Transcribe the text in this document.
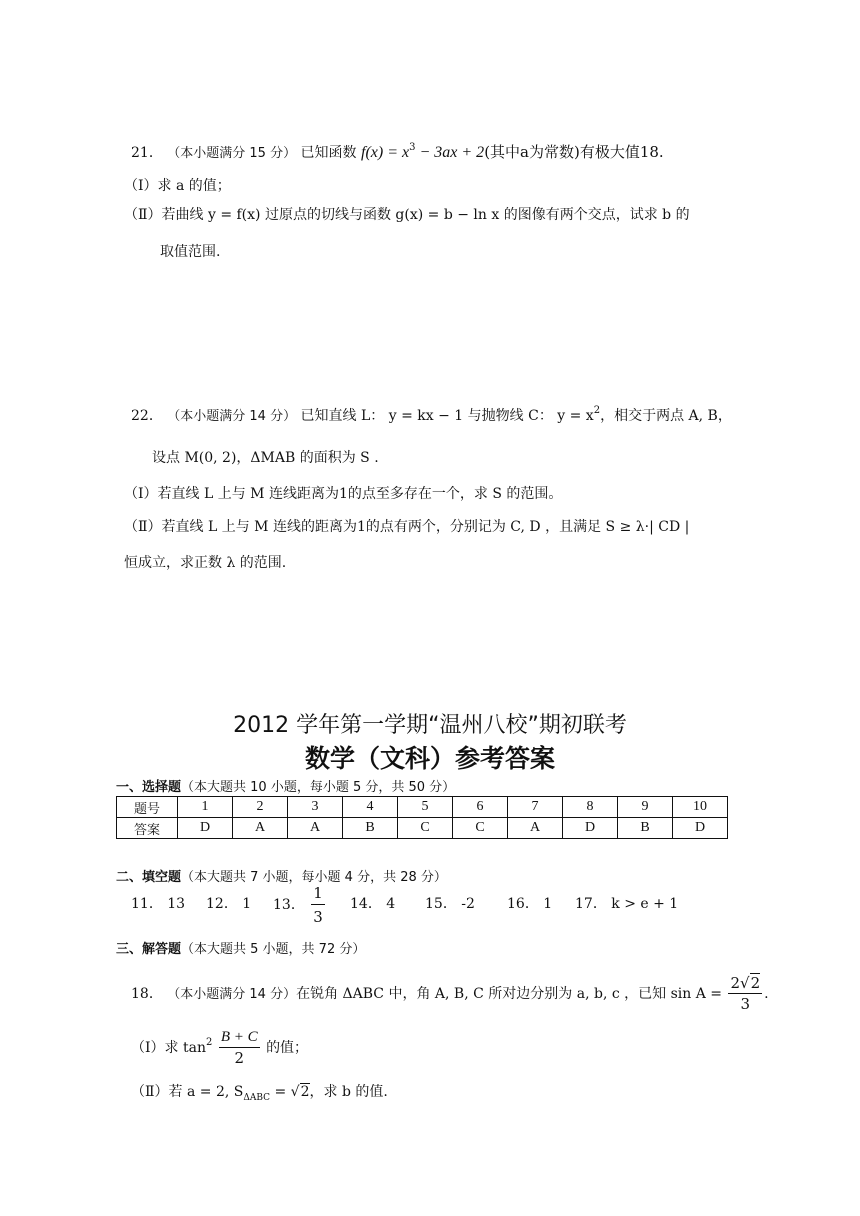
21． （本小题满分 15 分） 已知函数 $f(x) = x^3 - 3ax + 2$(其中a为常数)有极大值18.
（Ⅰ）求 a 的值；
（Ⅱ）若曲线 y = f(x) 过原点的切线与函数 g(x) = b − ln x 的图像有两个交点，试求 b 的
取值范围.
22． （本小题满分 14 分） 已知直线 L： y = kx − 1 与抛物线 C： $y = x^2$，相交于两点 A, B，
设点 M(0, 2)，ΔMAB 的面积为 S .
（Ⅰ）若直线 L 上与 M 连线距离为1的点至多存在一个，求 S 的范围。
（Ⅱ）若直线 L 上与 M 连线的距离为1的点有两个，分别记为 C, D ，且满足 S ≥ λ·| CD |
恒成立，求正数 λ 的范围.
2012 学年第一学期“温州八校”期初联考
数学（文科）参考答案
一、选择题（本大题共 10 小题，每小题 5 分，共 50 分）
题号	1	2	3	4	5	6	7	8	9	10
答案	D	A	A	B	C	C	A	D	B	D
二、填空题（本大题共 7 小题，每小题 4 分，共 28 分）
11． 13 12． 1 13． $\frac{1}{3} 14$． 4 15． -2 16． 1 17． k > e + 1
三、解答题（本大题共 5 小题，共 72 分）
18． （本小题满分 14 分）在锐角 ΔABC 中，角 A, B, C 所对边分别为 a, b, c ，已知 $\sin A = \frac{2√2}{3}$ .
（Ⅰ）求 $\tan^2 \frac{B + C}{2}$ 的值；
（Ⅱ）若 a = 2, $S_{\Delta ABC} = √2$，求 b 的值.
